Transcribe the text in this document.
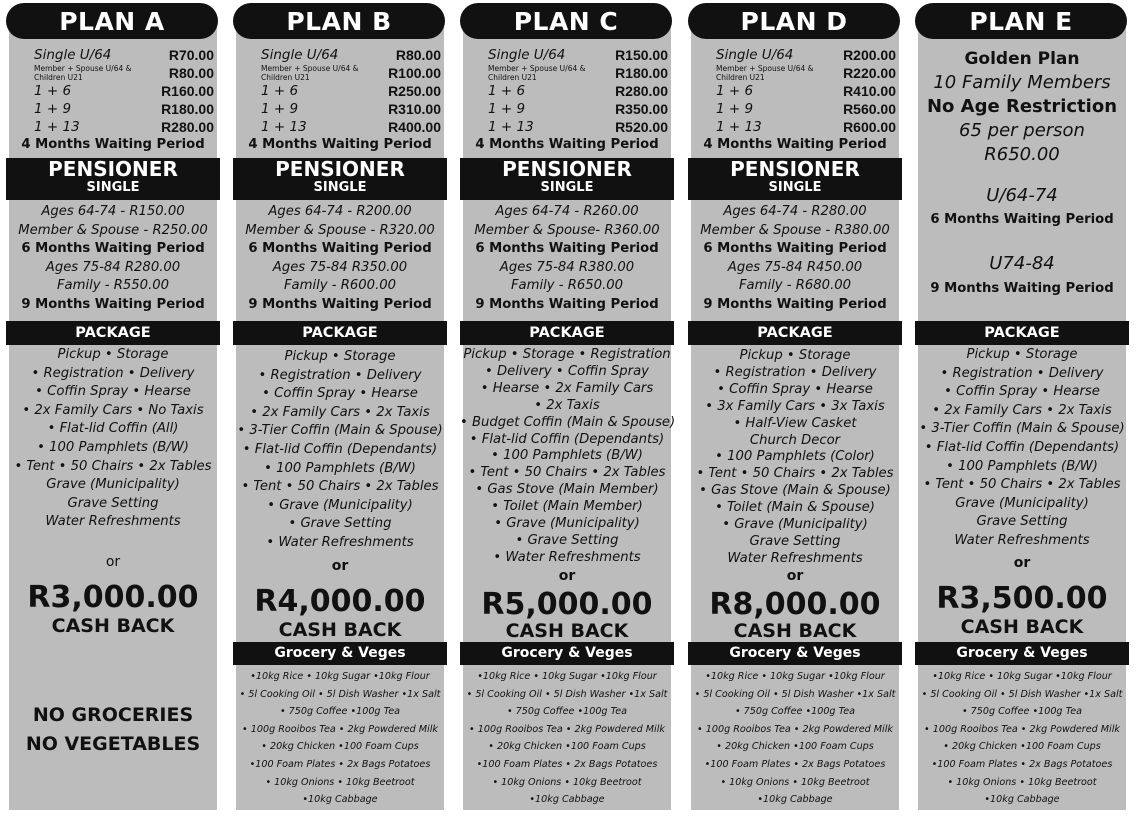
PLAN A
Single U/64	R70.00
Member + Spouse U/64 & Children U21	R80.00
1 + 6	R160.00
1 + 9	R180.00
1 + 13	R280.00
4 Months Waiting Period
PENSIONER
SINGLE
Ages 64-74 - R150.00
Member & Spouse - R250.00
6 Months Waiting Period
Ages 75-84 R280.00
Family - R550.00
9 Months Waiting Period
PACKAGE
Pickup • Storage
• Registration • Delivery
• Coffin Spray • Hearse
• 2x Family Cars • No Taxis
• Flat-lid Coffin (All)
• 100 Pamphlets (B/W)
• Tent • 50 Chairs • 2x Tables
Grave (Municipality)
Grave Setting
Water Refreshments
or
R3,000.00
CASH BACK
NO GROCERIES
NO VEGETABLES
PLAN B
Single U/64	R80.00
Member + Spouse U/64 & Children U21	R100.00
1 + 6	R250.00
1 + 9	R310.00
1 + 13	R400.00
4 Months Waiting Period
PENSIONER
SINGLE
Ages 64-74 - R200.00
Member & Spouse - R320.00
6 Months Waiting Period
Ages 75-84 R350.00
Family - R600.00
9 Months Waiting Period
PACKAGE
Pickup • Storage
• Registration • Delivery
• Coffin Spray • Hearse
• 2x Family Cars • 2x Taxis
• 3-Tier Coffin (Main & Spouse)
• Flat-lid Coffin (Dependants)
• 100 Pamphlets (B/W)
• Tent • 50 Chairs • 2x Tables
• Grave (Municipality)
• Grave Setting
• Water Refreshments
or
R4,000.00
CASH BACK
Grocery & Veges
•10kg Rice • 10kg Sugar •10kg Flour
• 5l Cooking Oil • 5l Dish Washer •1x Salt
• 750g Coffee •100g Tea
• 100g Rooibos Tea • 2kg Powdered Milk
• 20kg Chicken •100 Foam Cups
•100 Foam Plates • 2x Bags Potatoes
• 10kg Onions • 10kg Beetroot
•10kg Cabbage
PLAN C
Single U/64	R150.00
Member + Spouse U/64 & Children U21	R180.00
1 + 6	R280.00
1 + 9	R350.00
1 + 13	R520.00
4 Months Waiting Period
PENSIONER
SINGLE
Ages 64-74 - R260.00
Member & Spouse- R360.00
6 Months Waiting Period
Ages 75-84 R380.00
Family - R650.00
9 Months Waiting Period
PACKAGE
Pickup • Storage • Registration
• Delivery • Coffin Spray
• Hearse • 2x Family Cars
• 2x Taxis
• Budget Coffin (Main & Spouse)
• Flat-lid Coffin (Dependants)
• 100 Pamphlets (B/W)
• Tent • 50 Chairs • 2x Tables
• Gas Stove (Main Member)
• Toilet (Main Member)
• Grave (Municipality)
• Grave Setting
• Water Refreshments
or
R5,000.00
CASH BACK
Grocery & Veges
•10kg Rice • 10kg Sugar •10kg Flour
• 5l Cooking Oil • 5l Dish Washer •1x Salt
• 750g Coffee •100g Tea
• 100g Rooibos Tea • 2kg Powdered Milk
• 20kg Chicken •100 Foam Cups
•100 Foam Plates • 2x Bags Potatoes
• 10kg Onions • 10kg Beetroot
•10kg Cabbage
PLAN D
Single U/64	R200.00
Member + Spouse U/64 & Children U21	R220.00
1 + 6	R410.00
1 + 9	R560.00
1 + 13	R600.00
4 Months Waiting Period
PENSIONER
SINGLE
Ages 64-74 - R280.00
Member & Spouse - R380.00
6 Months Waiting Period
Ages 75-84 R450.00
Family - R680.00
9 Months Waiting Period
PACKAGE
Pickup • Storage
• Registration • Delivery
• Coffin Spray • Hearse
• 3x Family Cars • 3x Taxis
• Half-View Casket
Church Decor
• 100 Pamphlets (Color)
• Tent • 50 Chairs • 2x Tables
• Gas Stove (Main & Spouse)
• Toilet (Main & Spouse)
• Grave (Municipality)
Grave Setting
Water Refreshments
or
R8,000.00
CASH BACK
Grocery & Veges
•10kg Rice • 10kg Sugar •10kg Flour
• 5l Cooking Oil • 5l Dish Washer •1x Salt
• 750g Coffee •100g Tea
• 100g Rooibos Tea • 2kg Powdered Milk
• 20kg Chicken •100 Foam Cups
•100 Foam Plates • 2x Bags Potatoes
• 10kg Onions • 10kg Beetroot
•10kg Cabbage
PLAN E
Golden Plan
10 Family Members
No Age Restriction
65 per person
R650.00
U/64-74
6 Months Waiting Period
U74-84
9 Months Waiting Period
PACKAGE
Pickup • Storage
• Registration • Delivery
• Coffin Spray • Hearse
• 2x Family Cars • 2x Taxis
• 3-Tier Coffin (Main & Spouse)
• Flat-lid Coffin (Dependants)
• 100 Pamphlets (B/W)
• Tent • 50 Chairs • 2x Tables
Grave (Municipality)
Grave Setting
Water Refreshments
or
R3,500.00
CASH BACK
Grocery & Veges
•10kg Rice • 10kg Sugar •10kg Flour
• 5l Cooking Oil • 5l Dish Washer •1x Salt
• 750g Coffee •100g Tea
• 100g Rooibos Tea • 2kg Powdered Milk
• 20kg Chicken •100 Foam Cups
•100 Foam Plates • 2x Bags Potatoes
• 10kg Onions • 10kg Beetroot
•10kg Cabbage
